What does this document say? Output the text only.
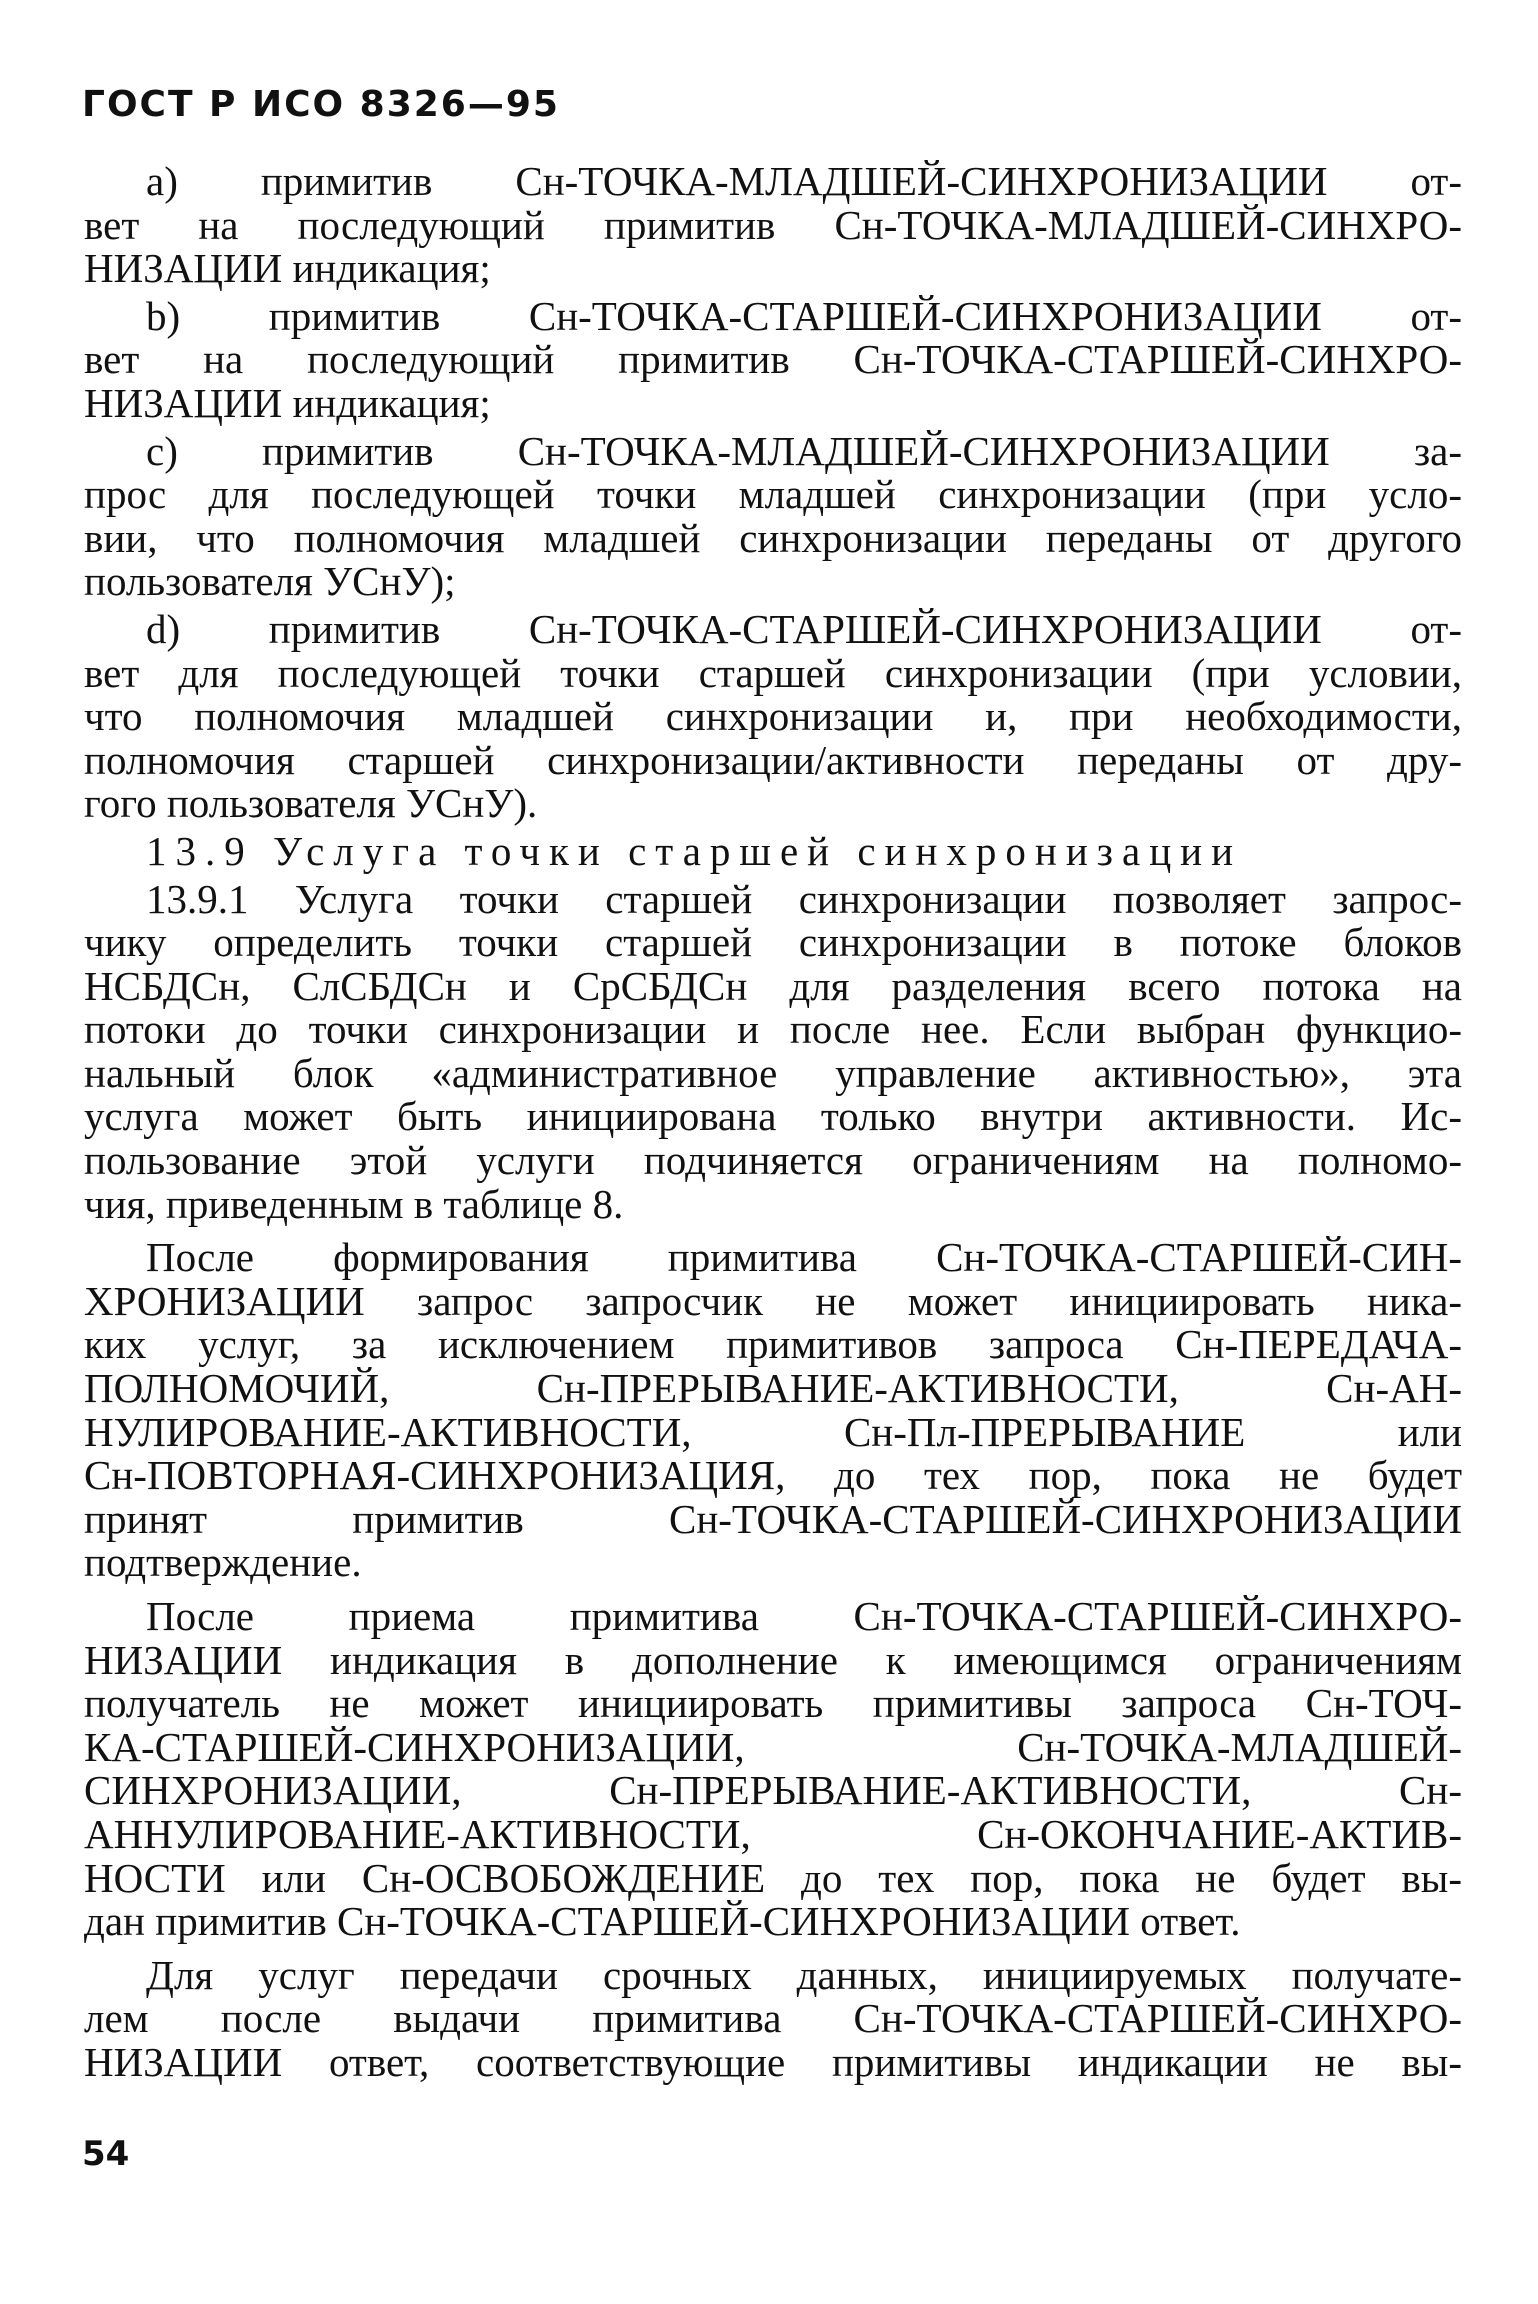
ГОСТ Р ИСО 8326—95
а) примитив Сн-ТОЧКА-МЛАДШЕЙ-СИНХРОНИЗАЦИИ от-
вет на последующий примитив Сн-ТОЧКА-МЛАДШЕЙ-СИНХРО-
НИЗАЦИИ индикация;
b) примитив Сн-ТОЧКА-СТАРШЕЙ-СИНХРОНИЗАЦИИ от-
вет на последующий примитив Сн-ТОЧКА-СТАРШЕЙ-СИНХРО-
НИЗАЦИИ индикация;
с) примитив Сн-ТОЧКА-МЛАДШЕЙ-СИНХРОНИЗАЦИИ за-
прос для последующей точки младшей синхронизации (при усло-
вии, что полномочия младшей синхронизации переданы от другого
пользователя УСнУ);
d) примитив Сн-ТОЧКА-СТАРШЕЙ-СИНХРОНИЗАЦИИ от-
вет для последующей точки старшей синхронизации (при условии,
что полномочия младшей синхронизации и, при необходимости,
полномочия старшей синхронизации/активности переданы от дру-
гого пользователя УСнУ).
13.9 Услуга точки старшей синхронизации
13.9.1 Услуга точки старшей синхронизации позволяет запрос-
чику определить точки старшей синхронизации в потоке блоков
НСБДСн, СлСБДСн и СрСБДСн для разделения всего потока на
потоки до точки синхронизации и после нее. Если выбран функцио-
нальный блок «административное управление активностью», эта
услуга может быть инициирована только внутри активности. Ис-
пользование этой услуги подчиняется ограничениям на полномо-
чия, приведенным в таблице 8.
После формирования примитива Сн-ТОЧКА-СТАРШЕЙ-СИН-
ХРОНИЗАЦИИ запрос запросчик не может инициировать ника-
ких услуг, за исключением примитивов запроса Сн-ПЕРЕДАЧА-
ПОЛНОМОЧИЙ, Сн-ПРЕРЫВАНИЕ-АКТИВНОСТИ, Сн-АН-
НУЛИРОВАНИЕ-АКТИВНОСТИ, Сн-Пл-ПРЕРЫВАНИЕ или
Сн-ПОВТОРНАЯ-СИНХРОНИЗАЦИЯ, до тех пор, пока не будет
принят примитив Сн-ТОЧКА-СТАРШЕЙ-СИНХРОНИЗАЦИИ
подтверждение.
После приема примитива Сн-ТОЧКА-СТАРШЕЙ-СИНХРО-
НИЗАЦИИ индикация в дополнение к имеющимся ограничениям
получатель не может инициировать примитивы запроса Сн-ТОЧ-
КА-СТАРШЕЙ-СИНХРОНИЗАЦИИ, Сн-ТОЧКА-МЛАДШЕЙ-
СИНХРОНИЗАЦИИ, Сн-ПРЕРЫВАНИЕ-АКТИВНОСТИ, Сн-
АННУЛИРОВАНИЕ-АКТИВНОСТИ, Сн-ОКОНЧАНИЕ-АКТИВ-
НОСТИ или Сн-ОСВОБОЖДЕНИЕ до тех пор, пока не будет вы-
дан примитив Сн-ТОЧКА-СТАРШЕЙ-СИНХРОНИЗАЦИИ ответ.
Для услуг передачи срочных данных, инициируемых получате-
лем после выдачи примитива Сн-ТОЧКА-СТАРШЕЙ-СИНХРО-
НИЗАЦИИ ответ, соответствующие примитивы индикации не вы-
54
